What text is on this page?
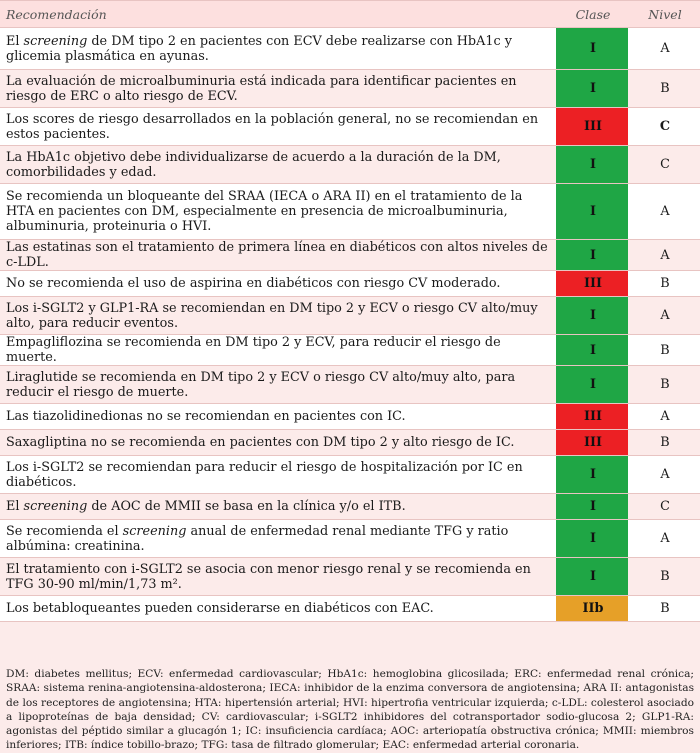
Recomendación	Clase	Nivel
El screening de DM tipo 2 en pacientes con ECV debe realizarse con HbA1c y glicemia plasmática en ayunas.	I	A
La evaluación de microalbuminuria está indicada para identificar pacientes en riesgo de ERC o alto riesgo de ECV.	I	B
Los scores de riesgo desarrollados en la población general, no se recomiendan en estos pacientes.	III	C
La HbA1c objetivo debe individualizarse de acuerdo a la duración de la DM, comorbilidades y edad.	I	C
Se recomienda un bloqueante del SRAA (IECA o ARA II) en el tratamiento de la HTA en pacientes con DM, especialmente en presencia de microalbuminuria, albuminuria, proteinuria o HVI.	I	A
Las estatinas son el tratamiento de primera línea en diabéticos con altos niveles de c-LDL.	I	A
No se recomienda el uso de aspirina en diabéticos con riesgo CV moderado.	III	B
Los i-SGLT2 y GLP1-RA se recomiendan en DM tipo 2 y ECV o riesgo CV alto/muy alto, para reducir eventos.	I	A
Empagliflozina se recomienda en DM tipo 2 y ECV, para reducir el riesgo de muerte.	I	B
Liraglutide se recomienda en DM tipo 2 y ECV o riesgo CV alto/muy alto, para reducir el riesgo de muerte.	I	B
Las tiazolidinedionas no se recomiendan en pacientes con IC.	III	A
Saxagliptina no se recomienda en pacientes con DM tipo 2 y alto riesgo de IC.	III	B
Los i-SGLT2 se recomiendan para reducir el riesgo de hospitalización por IC en diabéticos.	I	A
El screening de AOC de MMII se basa en la clínica y/o el ITB.	I	C
Se recomienda el screening anual de enfermedad renal mediante TFG y ratio albúmina: creatinina.	I	A
El tratamiento con i-SGLT2 se asocia con menor riesgo renal y se recomienda en TFG 30-90 ml/min/1,73 m².	I	B
Los betabloqueantes pueden considerarse en diabéticos con EAC.	IIb	B
DM: diabetes mellitus; ECV: enfermedad cardiovascular; HbA1c: hemoglobina glicosilada; ERC: enfermedad renal crónica; SRAA: sistema renina-angiotensina-aldosterona; IECA: inhibidor de la enzima conversora de angiotensina; ARA II: antagonistas de los receptores de angiotensina; HTA: hipertensión arterial; HVI: hipertrofia ventricular izquierda; c-LDL: colesterol asociado a lipoproteínas de baja densidad; CV: cardiovascular; i-SGLT2 inhibidores del cotransportador sodio-glucosa 2; GLP1-RA: agonistas del péptido similar a glucagón 1; IC: insuficiencia cardíaca; AOC: arteriopatía obstructiva crónica; MMII: miembros inferiores; ITB: índice tobillo-brazo; TFG: tasa de filtrado glomerular; EAC: enfermedad arterial coronaria.
